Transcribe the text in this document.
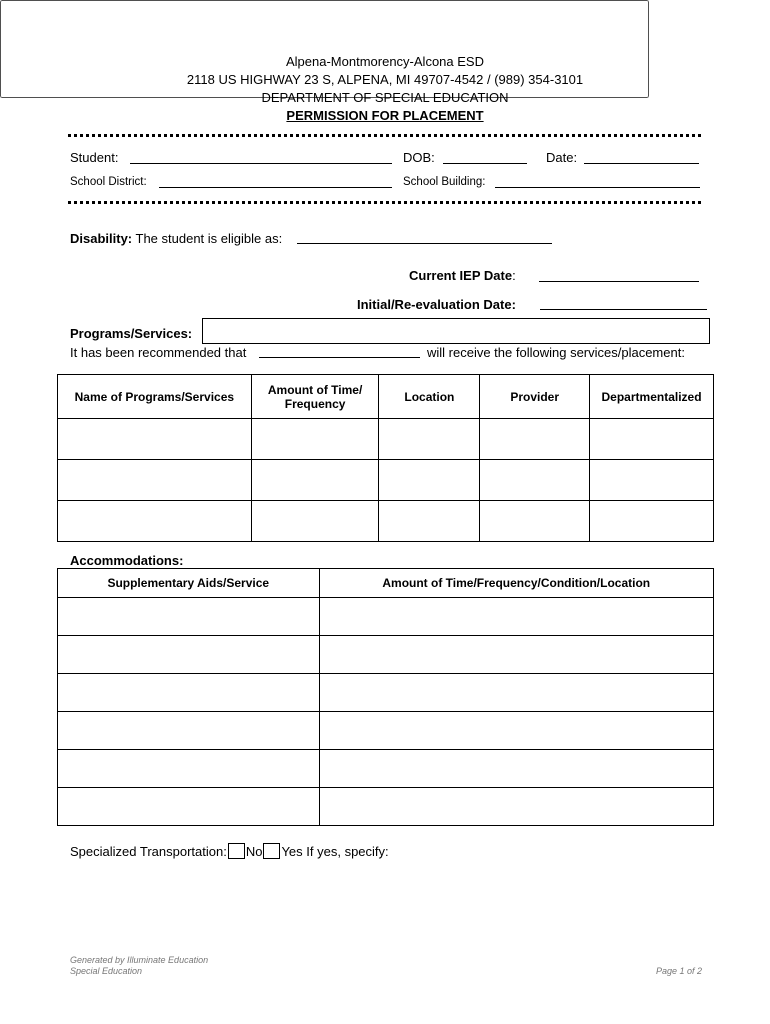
Alpena-Montmorency-Alcona ESD
2118 US HIGHWAY 23 S, ALPENA, MI 49707-4542 / (989) 354-3101
DEPARTMENT OF SPECIAL EDUCATION
PERMISSION FOR PLACEMENT
Student:	DOB:	Date:
School District:	School Building:
Disability: The student is eligible as:
Current IEP Date:
Initial/Re-evaluation Date:
Programs/Services:
It has been recommended that	will receive the following services/placement:
Name of Programs/Services	Amount of Time/ Frequency	Location	Provider	Departmentalized

Accommodations:
Supplementary Aids/Service	Amount of Time/Frequency/Condition/Location

Specialized Transportation: No Yes If yes, specify:
Generated by Illuminate Education
Special Education	Page 1 of 2
